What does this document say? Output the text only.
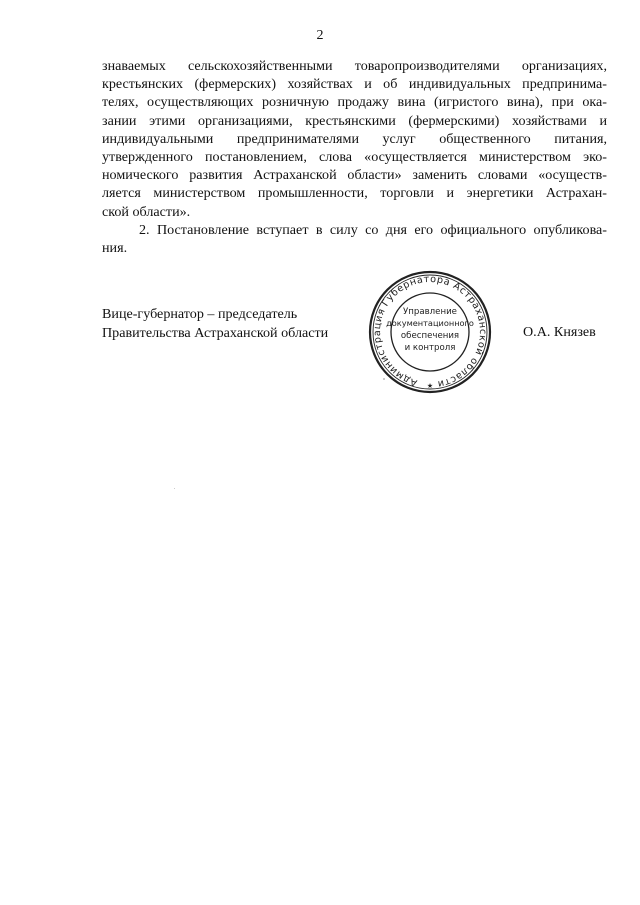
2
знаваемых сельскохозяйственными товаропроизводителями организациях,
крестьянских (фермерских) хозяйствах и об индивидуальных предпринима-
телях, осуществляющих розничную продажу вина (игристого вина), при ока-
зании этими организациями, крестьянскими (фермерскими) хозяйствами и
индивидуальными предпринимателями услуг общественного питания,
утвержденного постановлением, слова «осуществляется министерством эко-
номического развития Астраханской области» заменить словами «осуществ-
ляется министерством промышленности, торговли и энергетики Астрахан-
ской области».
2. Постановление вступает в силу со дня его официального опубликова-
ния.
Вице-губернатор – председатель
Правительства Астраханской области
Администрация Губернатора Астраханской области
★
Управление
документационного
обеспечения
и контроля
О.А. Князев
